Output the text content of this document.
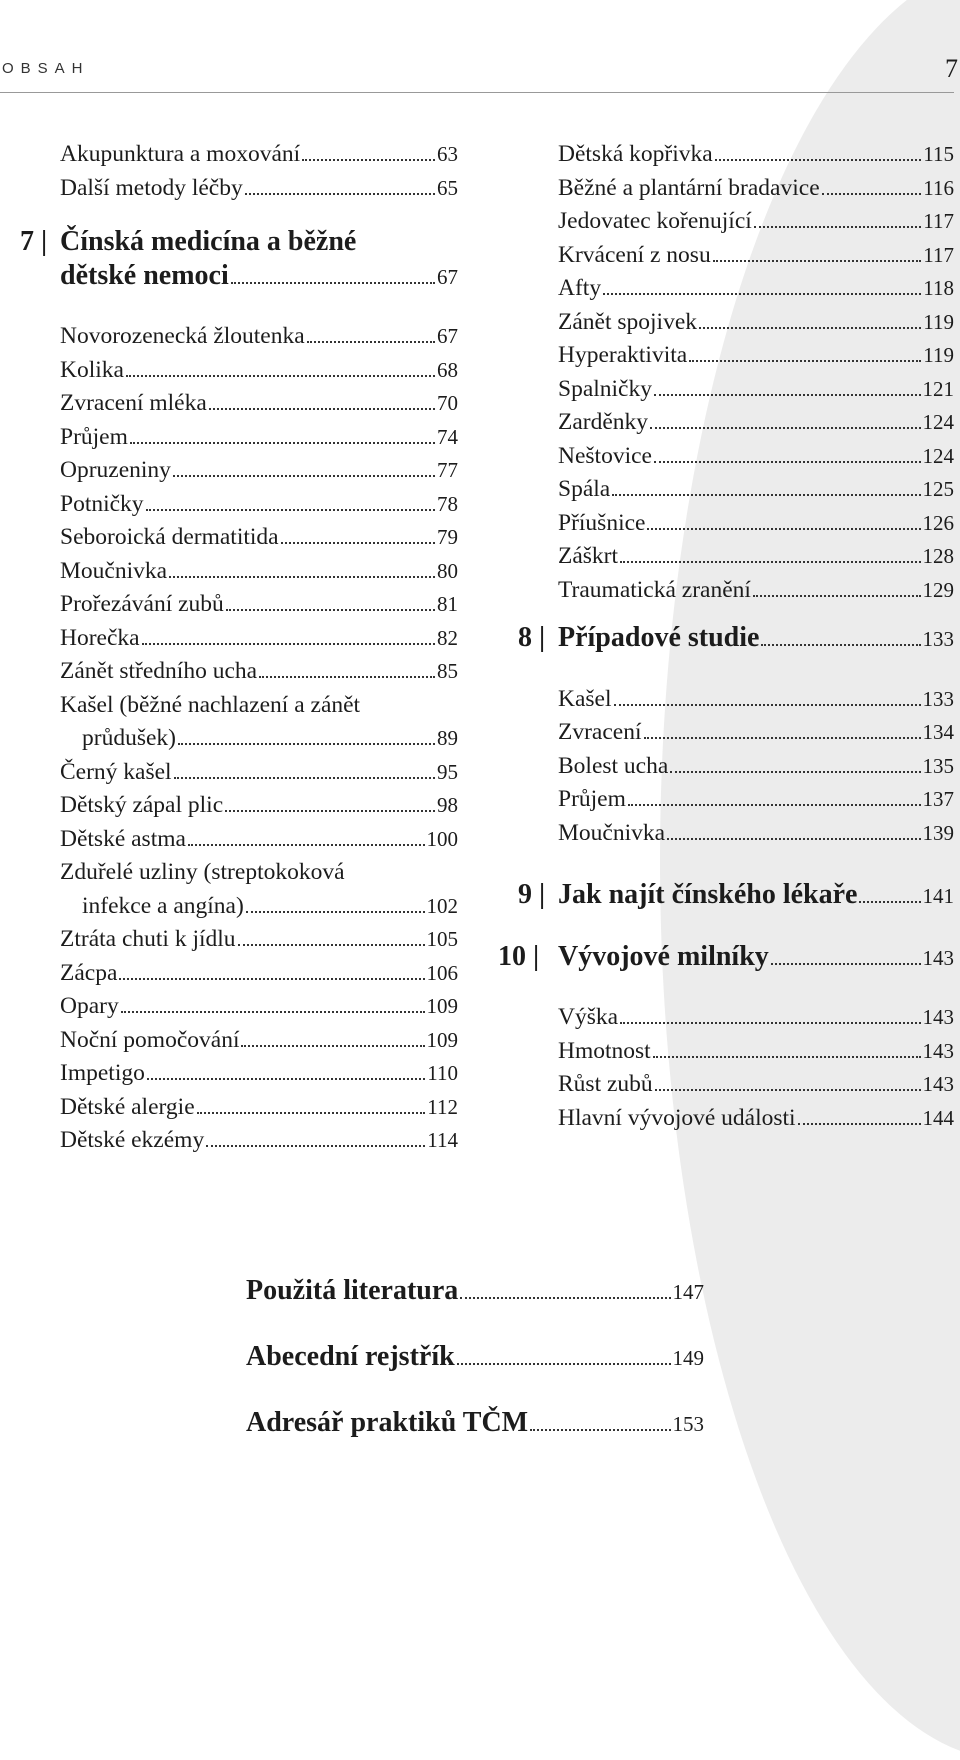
OBSAH	7
Akupunktura a moxování	63
Další metody léčby	65
7 | Čínská medicína a běžné
dětské nemoci	67
Novorozenecká žloutenka	67
Kolika	68
Zvracení mléka	70
Průjem	74
Opruzeniny	77
Potničky	78
Seboroická dermatitida	79
Moučnivka	80
Prořezávání zubů	81
Horečka	82
Zánět středního ucha	85
Kašel (běžné nachlazení a zánět
průdušek)	89
Černý kašel	95
Dětský zápal plic	98
Dětské astma	100
Zduřelé uzliny (streptokoková
infekce a angína)	102
Ztráta chuti k jídlu	105
Zácpa	106
Opary	109
Noční pomočování	109
Impetigo	110
Dětské alergie	112
Dětské ekzémy	114
Dětská kopřivka	115
Běžné a plantární bradavice	116
Jedovatec kořenující	117
Krvácení z nosu	117
Afty	118
Zánět spojivek	119
Hyperaktivita	119
Spalničky	121
Zarděnky	124
Neštovice	124
Spála	125
Příušnice	126
Záškrt	128
Traumatická zranění	129
8 | Případové studie	133
Kašel	133
Zvracení	134
Bolest ucha	135
Průjem	137
Moučnivka	139
9 | Jak najít čínského lékaře	141
10 | Vývojové milníky	143
Výška	143
Hmotnost	143
Růst zubů	143
Hlavní vývojové události	144
Použitá literatura	147
Abecední rejstřík	149
Adresář praktiků TČM	153
